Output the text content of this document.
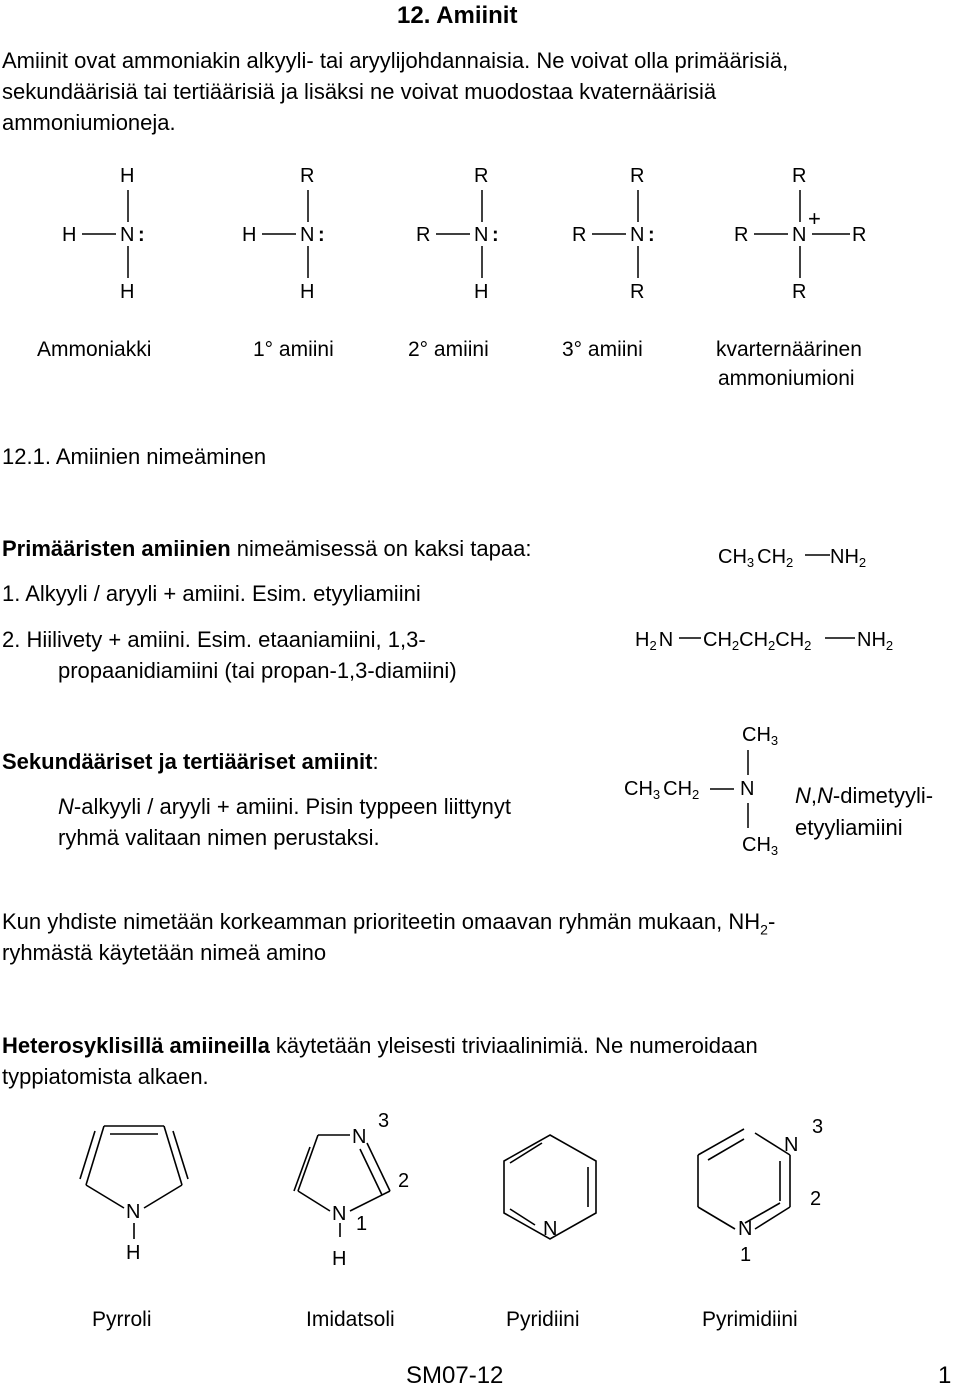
12. Amiinit
Amiinit ovat ammoniakin alkyyli- tai aryylijohdannaisia. Ne voivat olla primäärisiä,
sekundäärisiä tai tertiäärisiä ja lisäksi ne voivat muodostaa kvaternäärisiä
ammoniumioneja.
H
H N :
H
R
H N :
H
R
R N :
H
R
R N :
R
R
+
R N R
R
Ammoniakki	1° amiini	2° amiini	3° amiini	kvarternäärinen
ammoniumioni
12.1. Amiinien nimeäminen
Primääristen amiinien nimeämisessä on kaksi tapaa:
1. Alkyyli / aryyli + amiini. Esim. etyyliamiini
2. Hiilivety + amiini. Esim. etaaniamiini, 1,3-
propaanidiamiini (tai propan-1,3-diamiini)
$CH_3$ $CH_2$ $NH_2$
$H_2$ N $CH_2CH_2CH_2$ $NH_2$
Sekundääriset ja tertiääriset amiinit:
N-alkyyli / aryyli + amiini. Pisin typpeen liittynyt
ryhmä valitaan nimen perustaksi.
$CH_3$
$CH_3$ $CH_2$ N
$CH_3$
N,N-dimetyyli-
etyyliamiini
Kun yhdiste nimetään korkeamman prioriteetin omaavan ryhmän mukaan, $NH_2-$
ryhmästä käytetään nimeä amino
Heterosyklisillä amiineilla käytetään yleisesti triviaalinimiä. Ne numeroidaan
typpiatomista alkaen.
N
H
N
3
2
N 1
H
N
N
3
2
N
1
Pyrroli	Imidatsoli	Pyridiini	Pyrimidiini
SM07-12	1
